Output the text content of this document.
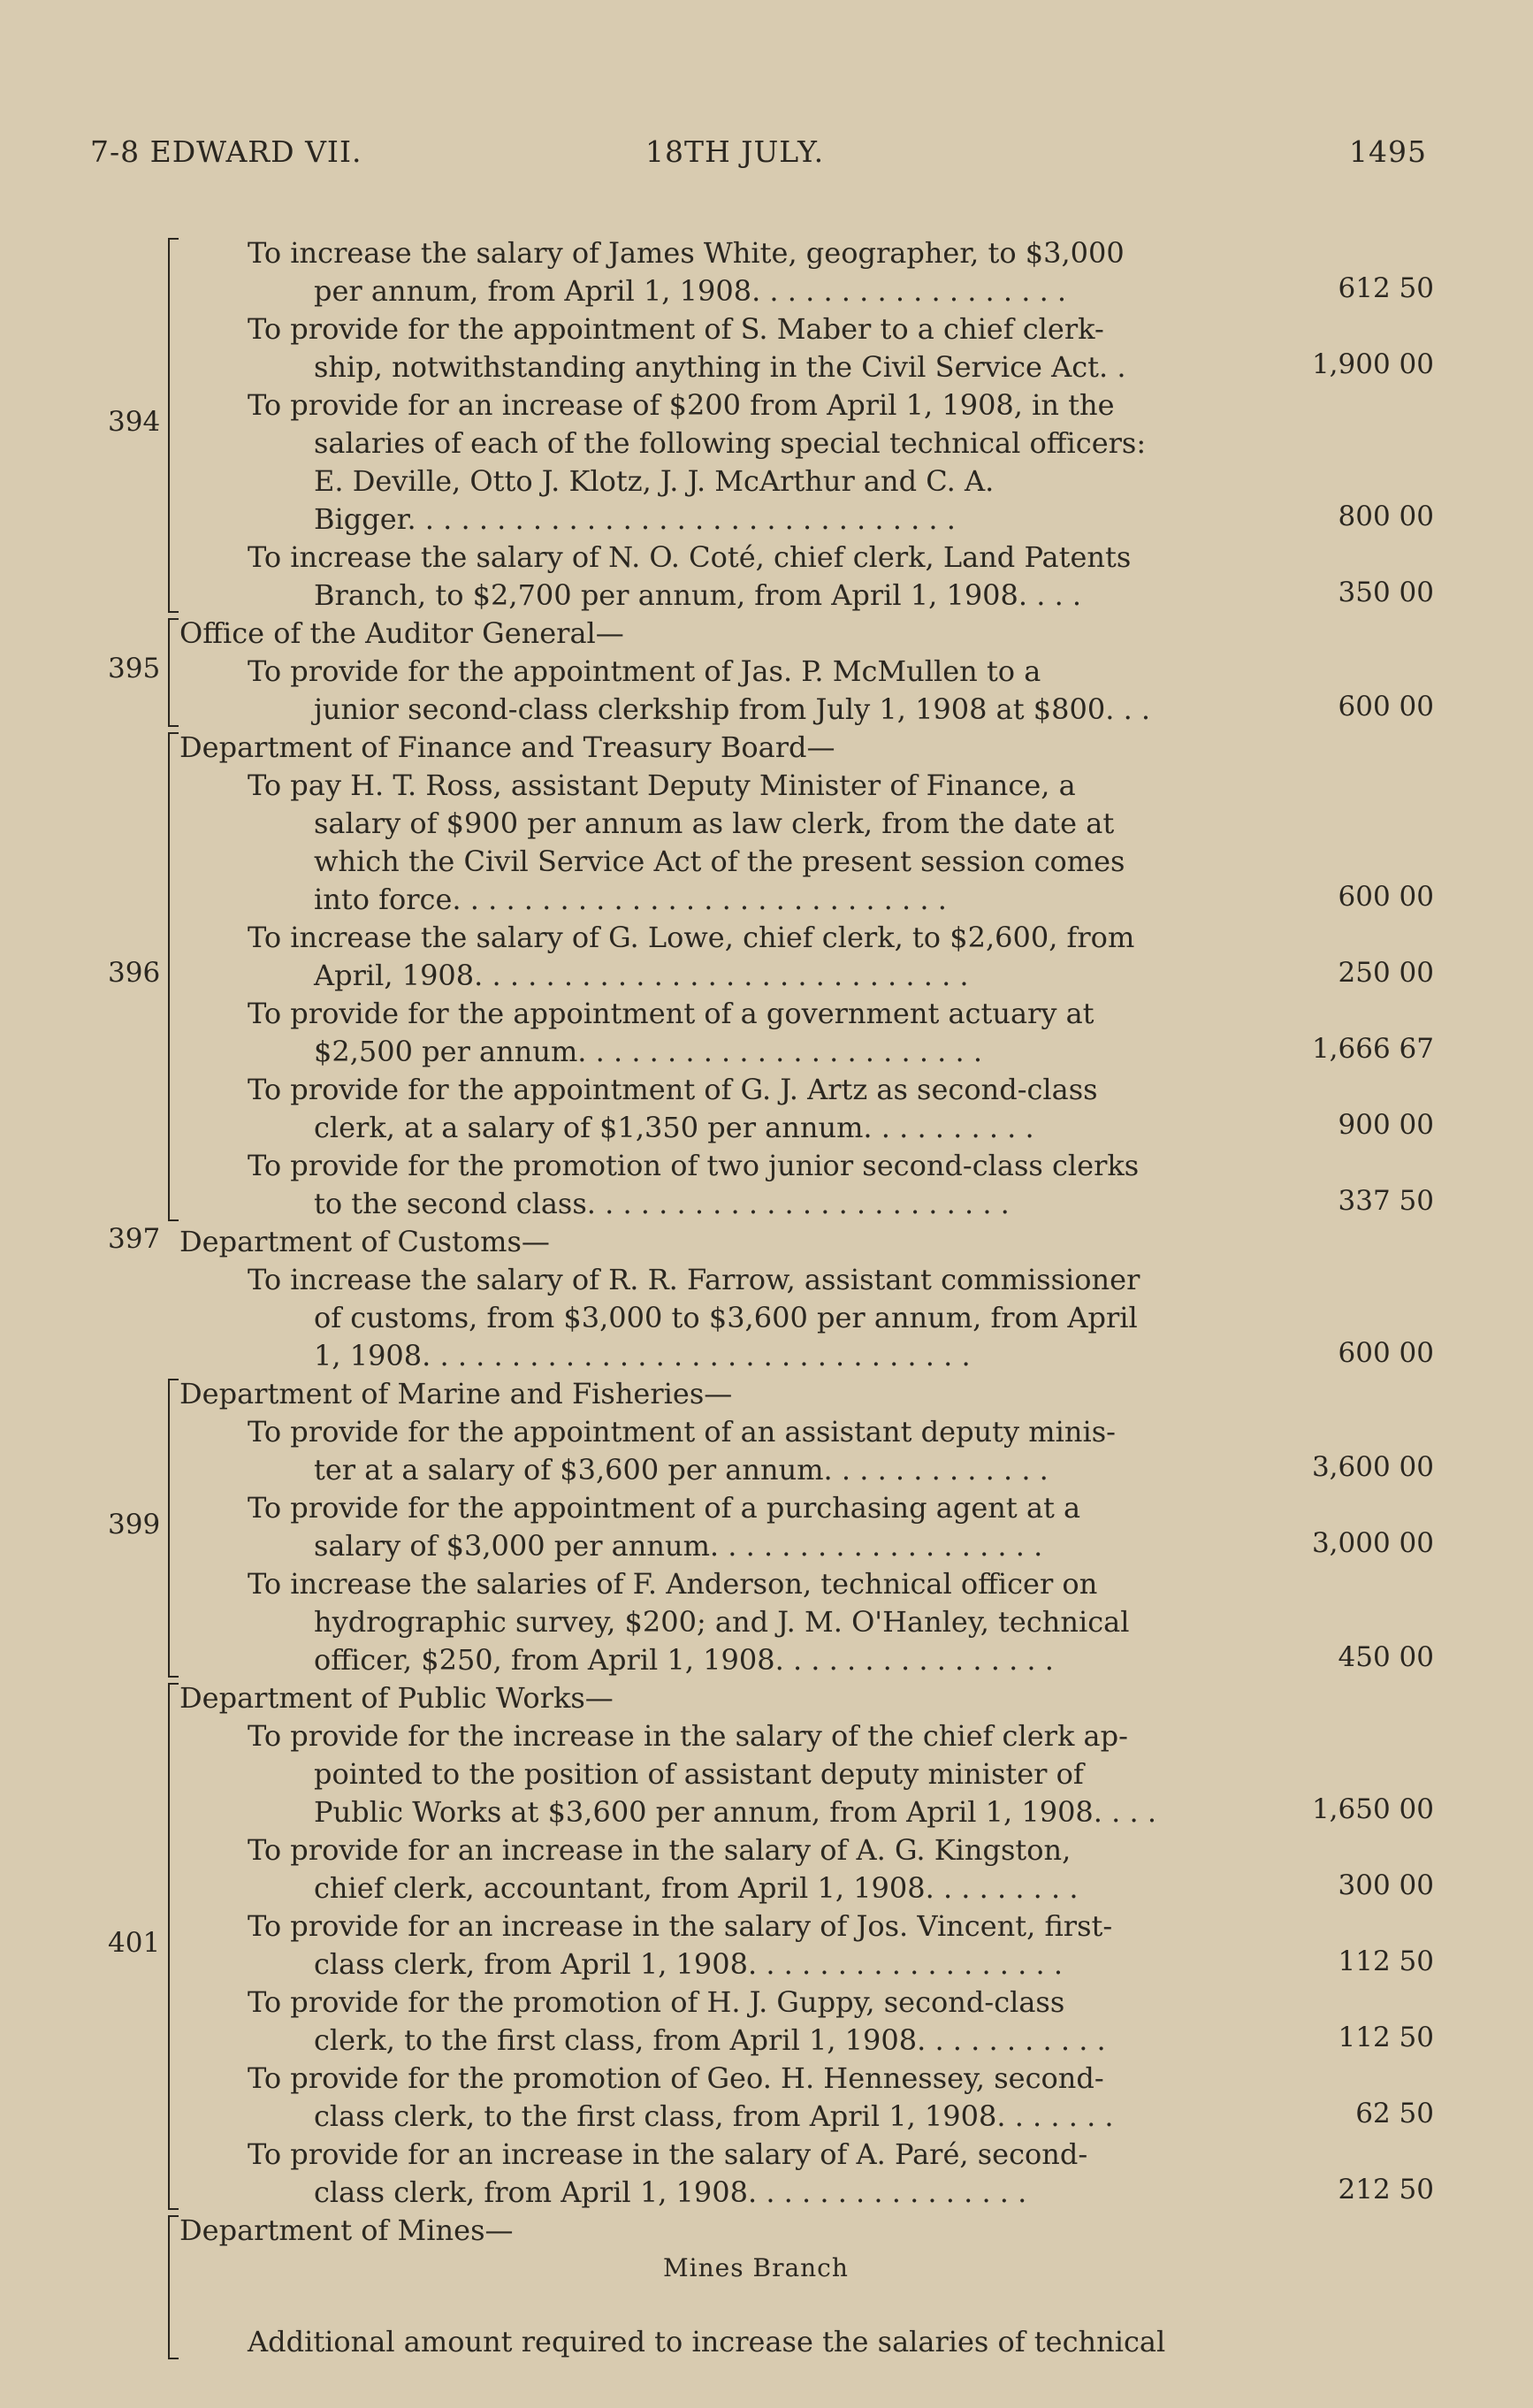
7-8 EDWARD VII.	18TH JULY.	1495
To increase the salary of James White, geographer, to $3,000
per annum, from April 1, 1908. . . . . . . . . . . . . . . . . .	612 50
To provide for the appointment of S. Maber to a chief clerk-
ship, notwithstanding anything in the Civil Service Act. .	1,900 00
To provide for an increase of $200 from April 1, 1908, in the
salaries of each of the following special technical officers:
E. Deville, Otto J. Klotz, J. J. McArthur and C. A.
Bigger. . . . . . . . . . . . . . . . . . . . . . . . . . . . . . .	800 00
To increase the salary of N. O. Coté, chief clerk, Land Patents
Branch, to $2,700 per annum, from April 1, 1908. . . .	350 00
394
Office of the Auditor General—
To provide for the appointment of Jas. P. McMullen to a
junior second-class clerkship from July 1, 1908 at $800. . .	600 00
395
Department of Finance and Treasury Board—
To pay H. T. Ross, assistant Deputy Minister of Finance, a
salary of $900 per annum as law clerk, from the date at
which the Civil Service Act of the present session comes
into force. . . . . . . . . . . . . . . . . . . . . . . . . . . .	600 00
To increase the salary of G. Lowe, chief clerk, to $2,600, from
April, 1908. . . . . . . . . . . . . . . . . . . . . . . . . . . .	250 00
To provide for the appointment of a government actuary at
$2,500 per annum. . . . . . . . . . . . . . . . . . . . . . .	1,666 67
To provide for the appointment of G. J. Artz as second-class
clerk, at a salary of $1,350 per annum. . . . . . . . . .	900 00
To provide for the promotion of two junior second-class clerks
to the second class. . . . . . . . . . . . . . . . . . . . . . . .	337 50
396
Department of Customs—
To increase the salary of R. R. Farrow, assistant commissioner
of customs, from $3,000 to $3,600 per annum, from April
1, 1908. . . . . . . . . . . . . . . . . . . . . . . . . . . . . . .	600 00
397
Department of Marine and Fisheries—
To provide for the appointment of an assistant deputy minis-
ter at a salary of $3,600 per annum. . . . . . . . . . . . .	3,600 00
To provide for the appointment of a purchasing agent at a
salary of $3,000 per annum. . . . . . . . . . . . . . . . . . .	3,000 00
To increase the salaries of F. Anderson, technical officer on
hydrographic survey, $200; and J. M. O'Hanley, technical
officer, $250, from April 1, 1908. . . . . . . . . . . . . . . .	450 00
399
Department of Public Works—
To provide for the increase in the salary of the chief clerk ap-
pointed to the position of assistant deputy minister of
Public Works at $3,600 per annum, from April 1, 1908. . . .	1,650 00
To provide for an increase in the salary of A. G. Kingston,
chief clerk, accountant, from April 1, 1908. . . . . . . . .	300 00
To provide for an increase in the salary of Jos. Vincent, first-
class clerk, from April 1, 1908. . . . . . . . . . . . . . . . . .	112 50
To provide for the promotion of H. J. Guppy, second-class
clerk, to the first class, from April 1, 1908. . . . . . . . . . .	112 50
To provide for the promotion of Geo. H. Hennessey, second-
class clerk, to the first class, from April 1, 1908. . . . . . .	62 50
To provide for an increase in the salary of A. Paré, second-
class clerk, from April 1, 1908. . . . . . . . . . . . . . . .	212 50
401
Department of Mines—
Mines Branch
Additional amount required to increase the salaries of technical
